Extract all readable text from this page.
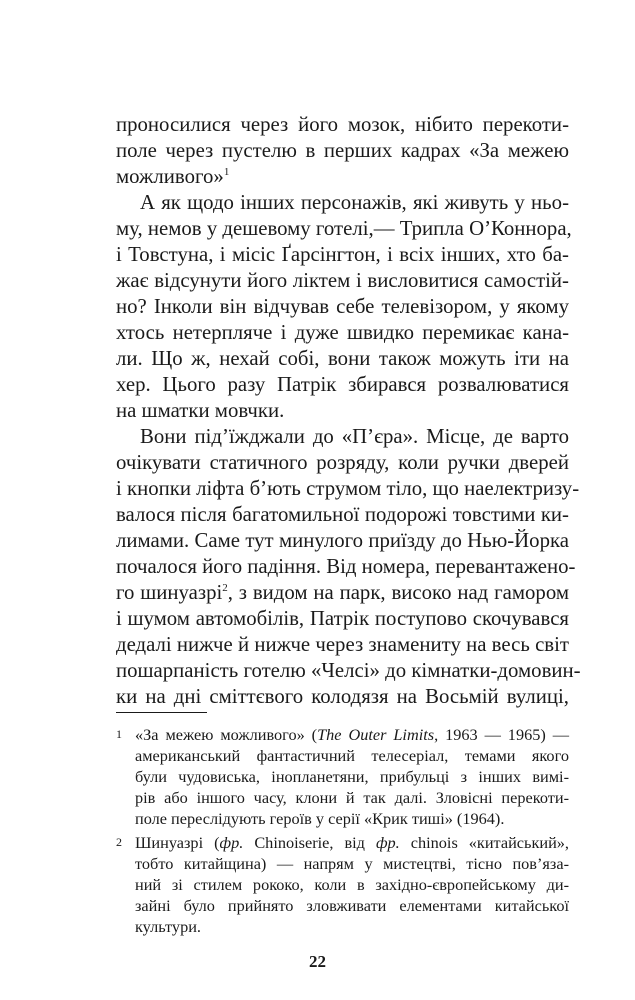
проносилися через його мозок, нібито перекоти-
поле через пустелю в перших кадрах «За межею
можливого»$^1$
А як щодо інших персонажів, які живуть у ньо-
му, немов у дешевому готелі,— Трипла О’Коннора,
і Товстуна, і місіс Ґарсінгтон, і всіх інших, хто ба-
жає відсунути його ліктем і висловитися самостій-
но? Інколи він відчував себе телевізором, у якому
хтось нетерпляче і дуже швидко перемикає кана-
ли. Що ж, нехай собі, вони також можуть іти на
хер. Цього разу Патрік збирався розвалюватися
на шматки мовчки.
Вони під’їжджали до «П’єра». Місце, де варто
очікувати статичного розряду, коли ручки дверей
і кнопки ліфта б’ють струмом тіло, що наелектризу-
валося після багатомильної подорожі товстими ки-
лимами. Саме тут минулого приїзду до Нью-Йорка
почалося його падіння. Від номера, перевантажено-
го шинуазрі$^2$, з видом на парк, високо над гамором
і шумом автомобілів, Патрік поступово скочувався
дедалі нижче й нижче через знамениту на весь світ
пошарпаність готелю «Челсі» до кімнатки-домовин-
ки на дні сміттєвого колодязя на Восьмій вулиці,
1 «За межею можливого» (The Outer Limits, 1963 — 1965) —
американський фантастичний телесеріал, темами якого
були чудовиська, інопланетяни, прибульці з інших вимі-
рів або іншого часу, клони й так далі. Зловісні перекоти-
поле переслідують героїв у серії «Крик тиші» (1964).
2 Шинуазрі (фр. Chinoiserie, від фр. chinois «китайський»,
тобто китайщина) — напрям у мистецтві, тісно пов’яза-
ний зі стилем рококо, коли в західно-європейському ди-
зайні було прийнято зловживати елементами китайської
культури.
22
